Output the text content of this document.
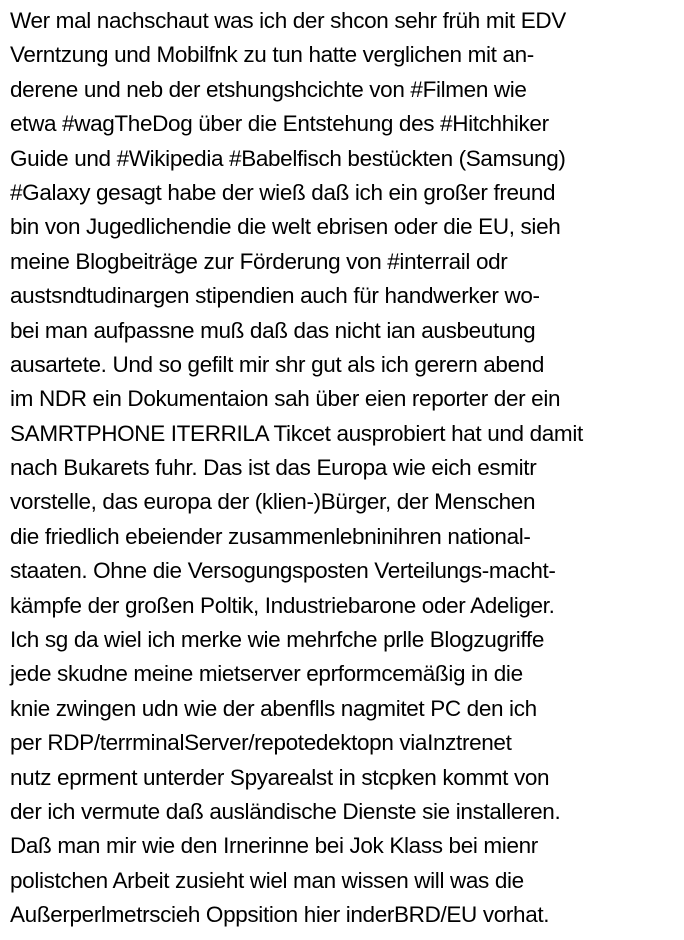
Wer mal nachschaut was ich der shcon sehr früh mit EDV
Verntzung und Mobilfnk zu tun hatte verglichen mit an-
derene und neb der etshungshcichte von #Filmen wie
etwa #wagTheDog über die Entstehung des #Hitchhiker
Guide und #Wikipedia #Babelfisch bestückten (Samsung)
#Galaxy gesagt habe der wieß daß ich ein großer freund
bin von Jugedlichendie die welt ebrisen oder die EU, sieh
meine Blogbeiträge zur Förderung von #interrail odr
austsndtudinargen stipendien auch für handwerker wo-
bei man aufpassne muß daß das nicht ian ausbeutung
ausartete. Und so gefilt mir shr gut als ich gerern abend
im NDR ein Dokumentaion sah über eien reporter der ein
SAMRTPHONE ITERRILA Tikcet ausprobiert hat und damit
nach Bukarets fuhr. Das ist das Europa wie eich esmitr
vorstelle, das europa der (klien-)Bürger, der Menschen
die friedlich ebeiender zusammenlebninihren national-
staaten. Ohne die Versogungsposten Verteilungs-macht-
kämpfe der großen Poltik, Industriebarone oder Adeliger.
Ich sg da wiel ich merke wie mehrfche prlle Blogzugriffe
jede skudne meine mietserver eprformcemäßig in die
knie zwingen udn wie der abenflls nagmitet PC den ich
per RDP/terrminalServer/repotedektopn viaInztrenet
nutz eprment unterder Spyarealst in stcpken kommt von
der ich vermute daß ausländische Dienste sie installeren.
Daß man mir wie den Irnerinne bei Jok Klass bei mienr
polistchen Arbeit zusieht wiel man wissen will was die
Außerperlmetrscieh Oppsition hier inderBRD/EU vorhat.
